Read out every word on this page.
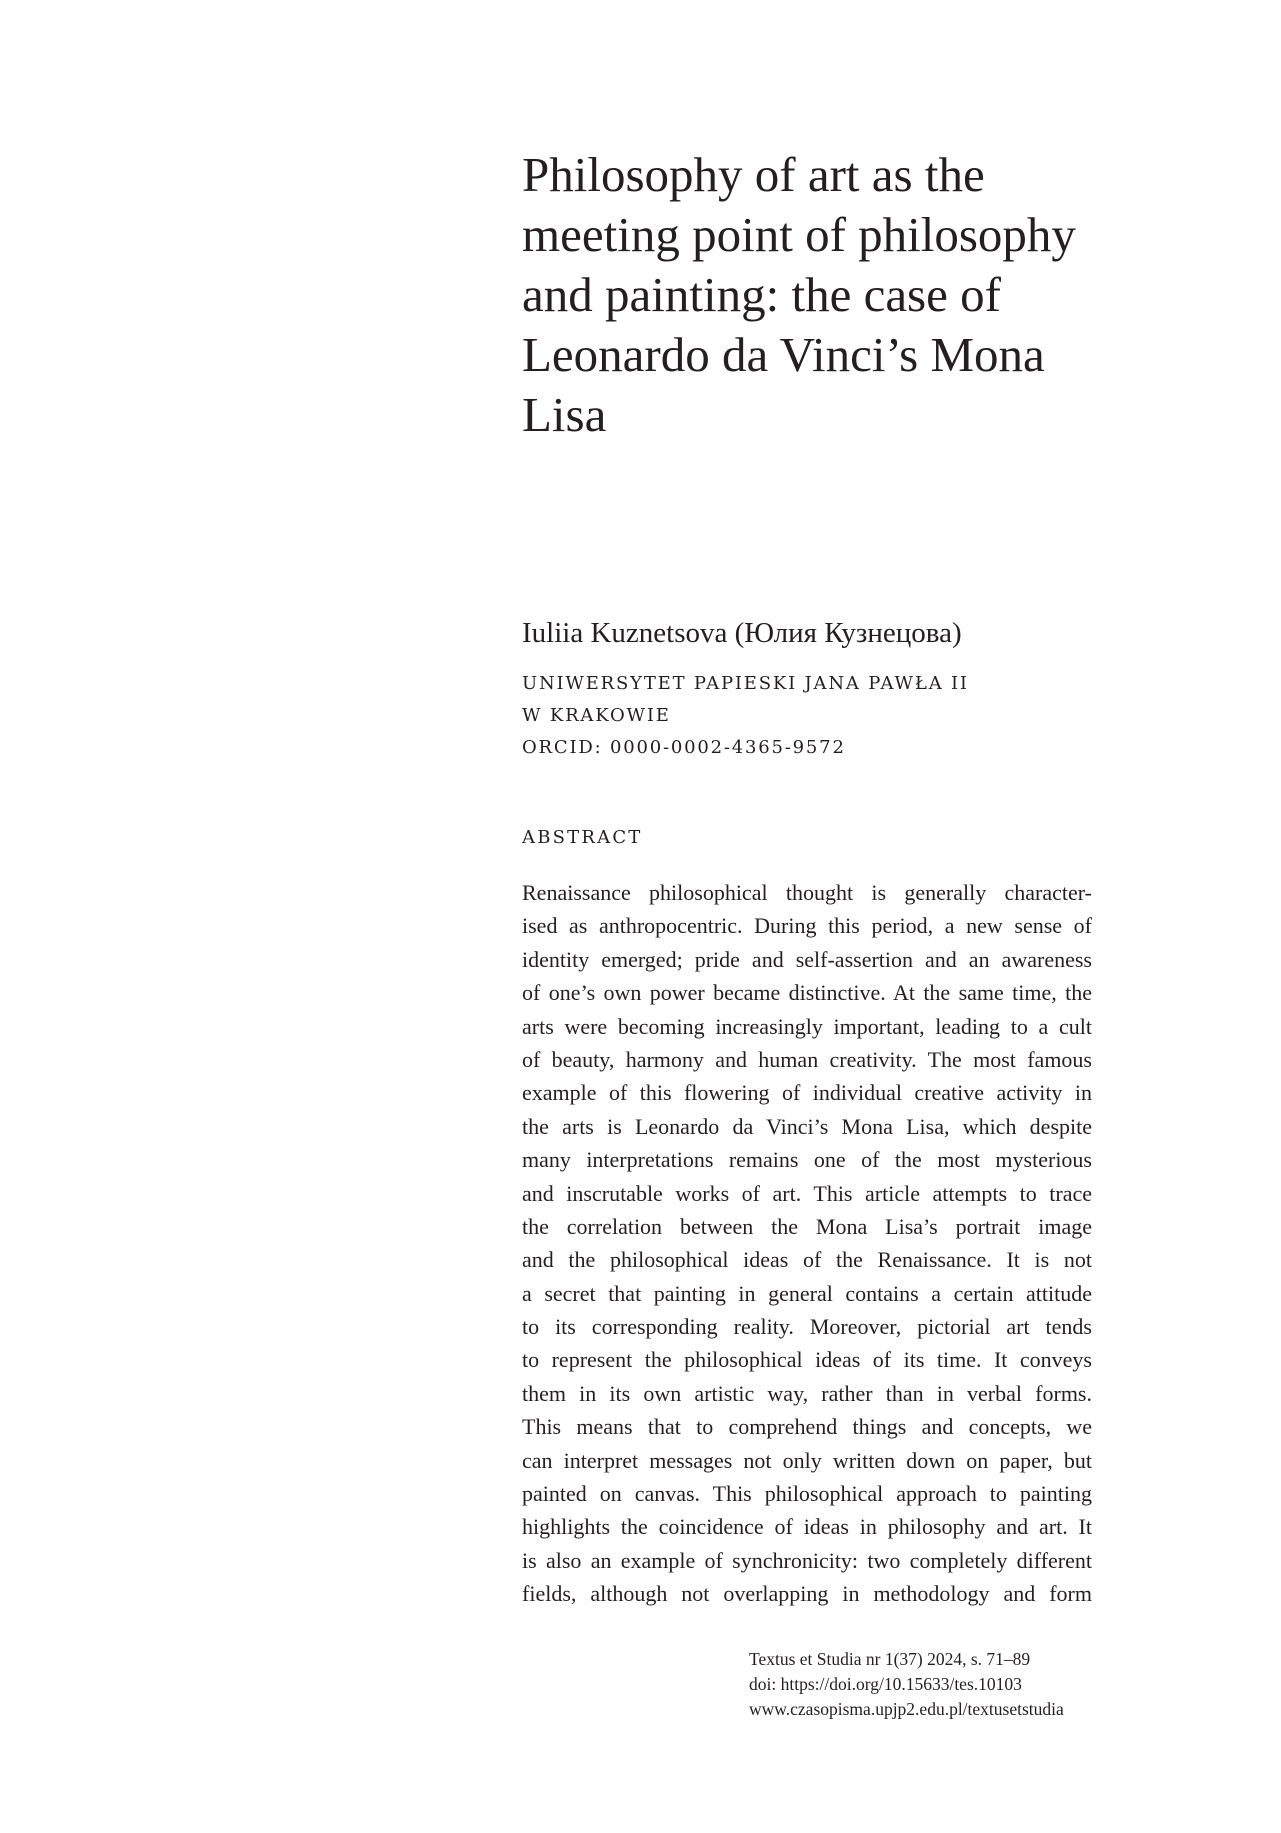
Philosophy of art as the
meeting point of philosophy
and painting: the case of
Leonardo da Vinci’s Mona
Lisa

Iuliia Kuznetsova (Юлия Кузнецова)

UNIWERSYTET PAPIESKI JANA PAWŁA II
W KRAKOWIE
ORCID: 0000-0002-4365-9572

ABSTRACT

Renaissance philosophical thought is generally character-
ised as anthropocentric. During this period, a new sense of
identity emerged; pride and self-assertion and an awareness
of one’s own power became distinctive. At the same time, the
arts were becoming increasingly important, leading to a cult
of beauty, harmony and human creativity. The most famous
example of this flowering of individual creative activity in
the arts is Leonardo da Vinci’s Mona Lisa, which despite
many interpretations remains one of the most mysterious
and inscrutable works of art. This article attempts to trace
the correlation between the Mona Lisa’s portrait image
and the philosophical ideas of the Renaissance. It is not
a secret that painting in general contains a certain attitude
to its corresponding reality. Moreover, pictorial art tends
to represent the philosophical ideas of its time. It conveys
them in its own artistic way, rather than in verbal forms.
This means that to comprehend things and concepts, we
can interpret messages not only written down on paper, but
painted on canvas. This philosophical approach to painting
highlights the coincidence of ideas in philosophy and art. It
is also an example of synchronicity: two completely different
fields, although not overlapping in methodology and form
Textus et Studia nr 1(37) 2024, s. 71–89
doi: https://doi.org/10.15633/tes.10103
www.czasopisma.upjp2.edu.pl/textusetstudia
